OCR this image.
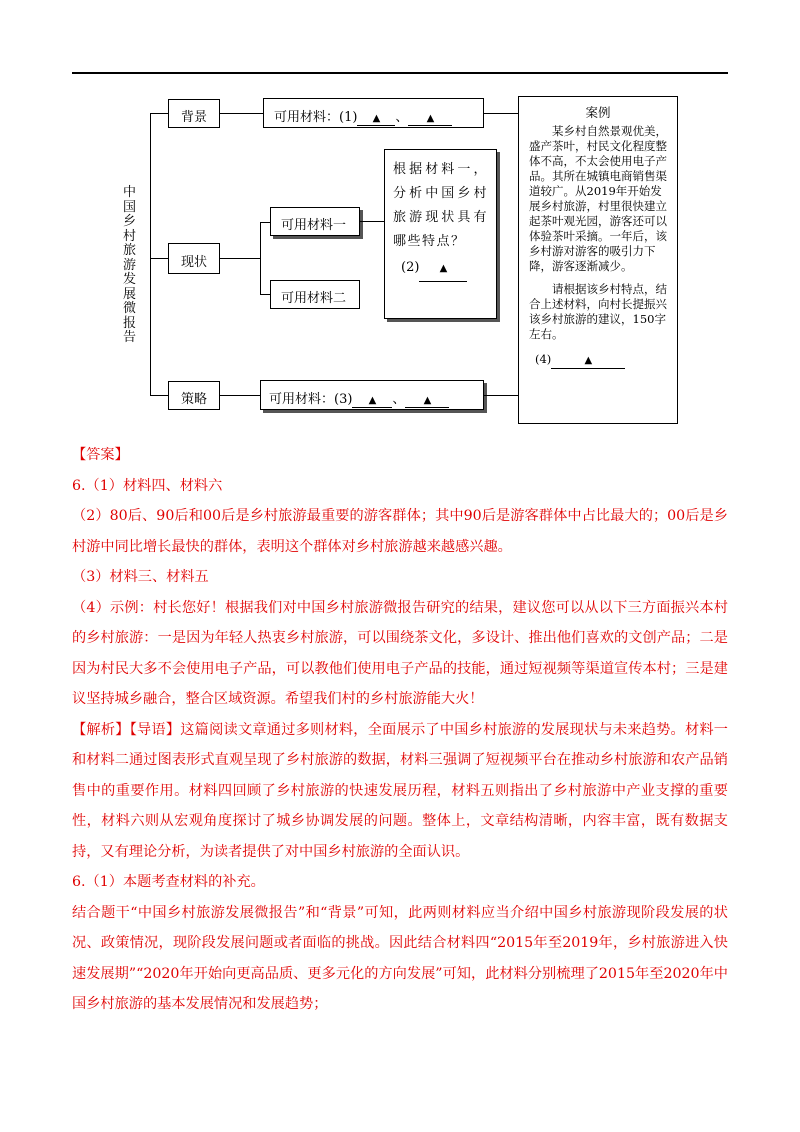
中国乡村旅游发展微报告
背景	可用材料：(1) ▲ 、 ▲
现状
可用材料一
可用材料二
根据材料一，分析中国乡村旅游现状具有哪些特点？
(2) ▲
策略	可用材料：(3) ▲ 、 ▲
案例

某乡村自然景观优美，盛产茶叶，村民文化程度整体不高，不太会使用电子产品。其所在城镇电商销售渠道较广。从2019年开始发展乡村旅游，村里很快建立起茶叶观光园，游客还可以体验茶叶采摘。一年后，该乡村游对游客的吸引力下降，游客逐渐减少。

请根据该乡村特点，结合上述材料，向村长提振兴该乡村旅游的建议，150字左右。

(4)	▲

【答案】

6.（1）材料四、材料六

（2）80后、90后和00后是乡村旅游最重要的游客群体；其中90后是游客群体中占比最大的；00后是乡村游中同比增长最快的群体，表明这个群体对乡村旅游越来越感兴趣。

（3）材料三、材料五

（4）示例：村长您好！根据我们对中国乡村旅游微报告研究的结果，建议您可以从以下三方面振兴本村的乡村旅游：一是因为年轻人热衷乡村旅游，可以围绕茶文化，多设计、推出他们喜欢的文创产品；二是因为村民大多不会使用电子产品，可以教他们使用电子产品的技能，通过短视频等渠道宣传本村；三是建议坚持城乡融合，整合区域资源。希望我们村的乡村旅游能大火！

【解析】【导语】这篇阅读文章通过多则材料，全面展示了中国乡村旅游的发展现状与未来趋势。材料一和材料二通过图表形式直观呈现了乡村旅游的数据，材料三强调了短视频平台在推动乡村旅游和农产品销售中的重要作用。材料四回顾了乡村旅游的快速发展历程，材料五则指出了乡村旅游中产业支撑的重要性，材料六则从宏观角度探讨了城乡协调发展的问题。整体上，文章结构清晰，内容丰富，既有数据支持，又有理论分析，为读者提供了对中国乡村旅游的全面认识。

6.（1）本题考查材料的补充。

结合题干“中国乡村旅游发展微报告”和“背景”可知，此两则材料应当介绍中国乡村旅游现阶段发展的状况、政策情况，现阶段发展问题或者面临的挑战。因此结合材料四“2015年至2019年，乡村旅游进入快速发展期”“2020年开始向更高品质、更多元化的方向发展”可知，此材料分别梳理了2015年至2020年中国乡村旅游的基本发展情况和发展趋势；
